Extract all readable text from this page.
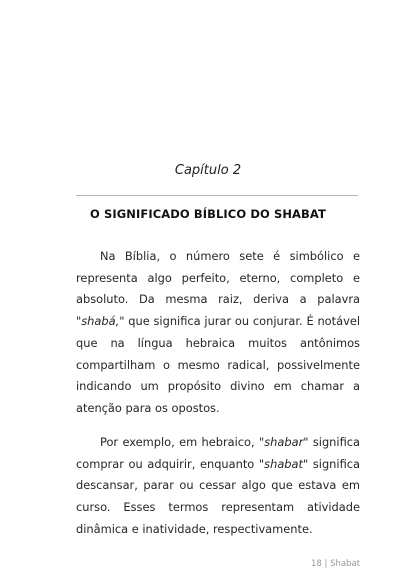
Capítulo 2
O SIGNIFICADO BÍBLICO DO SHABAT

Na Bíblia, o número sete é simbólico e representa algo perfeito, eterno, completo e absoluto. Da mesma raiz, deriva a palavra "shabá," que significa jurar ou conjurar. É notável que na língua hebraica muitos antônimos compartilham o mesmo radical, possivelmente indicando um propósito divino em chamar a atenção para os opostos.

Por exemplo, em hebraico, "shabar" significa comprar ou adquirir, enquanto "shabat" significa descansar, parar ou cessar algo que estava em curso. Esses termos representam atividade dinâmica e inatividade, respectivamente.

18 | Shabat
